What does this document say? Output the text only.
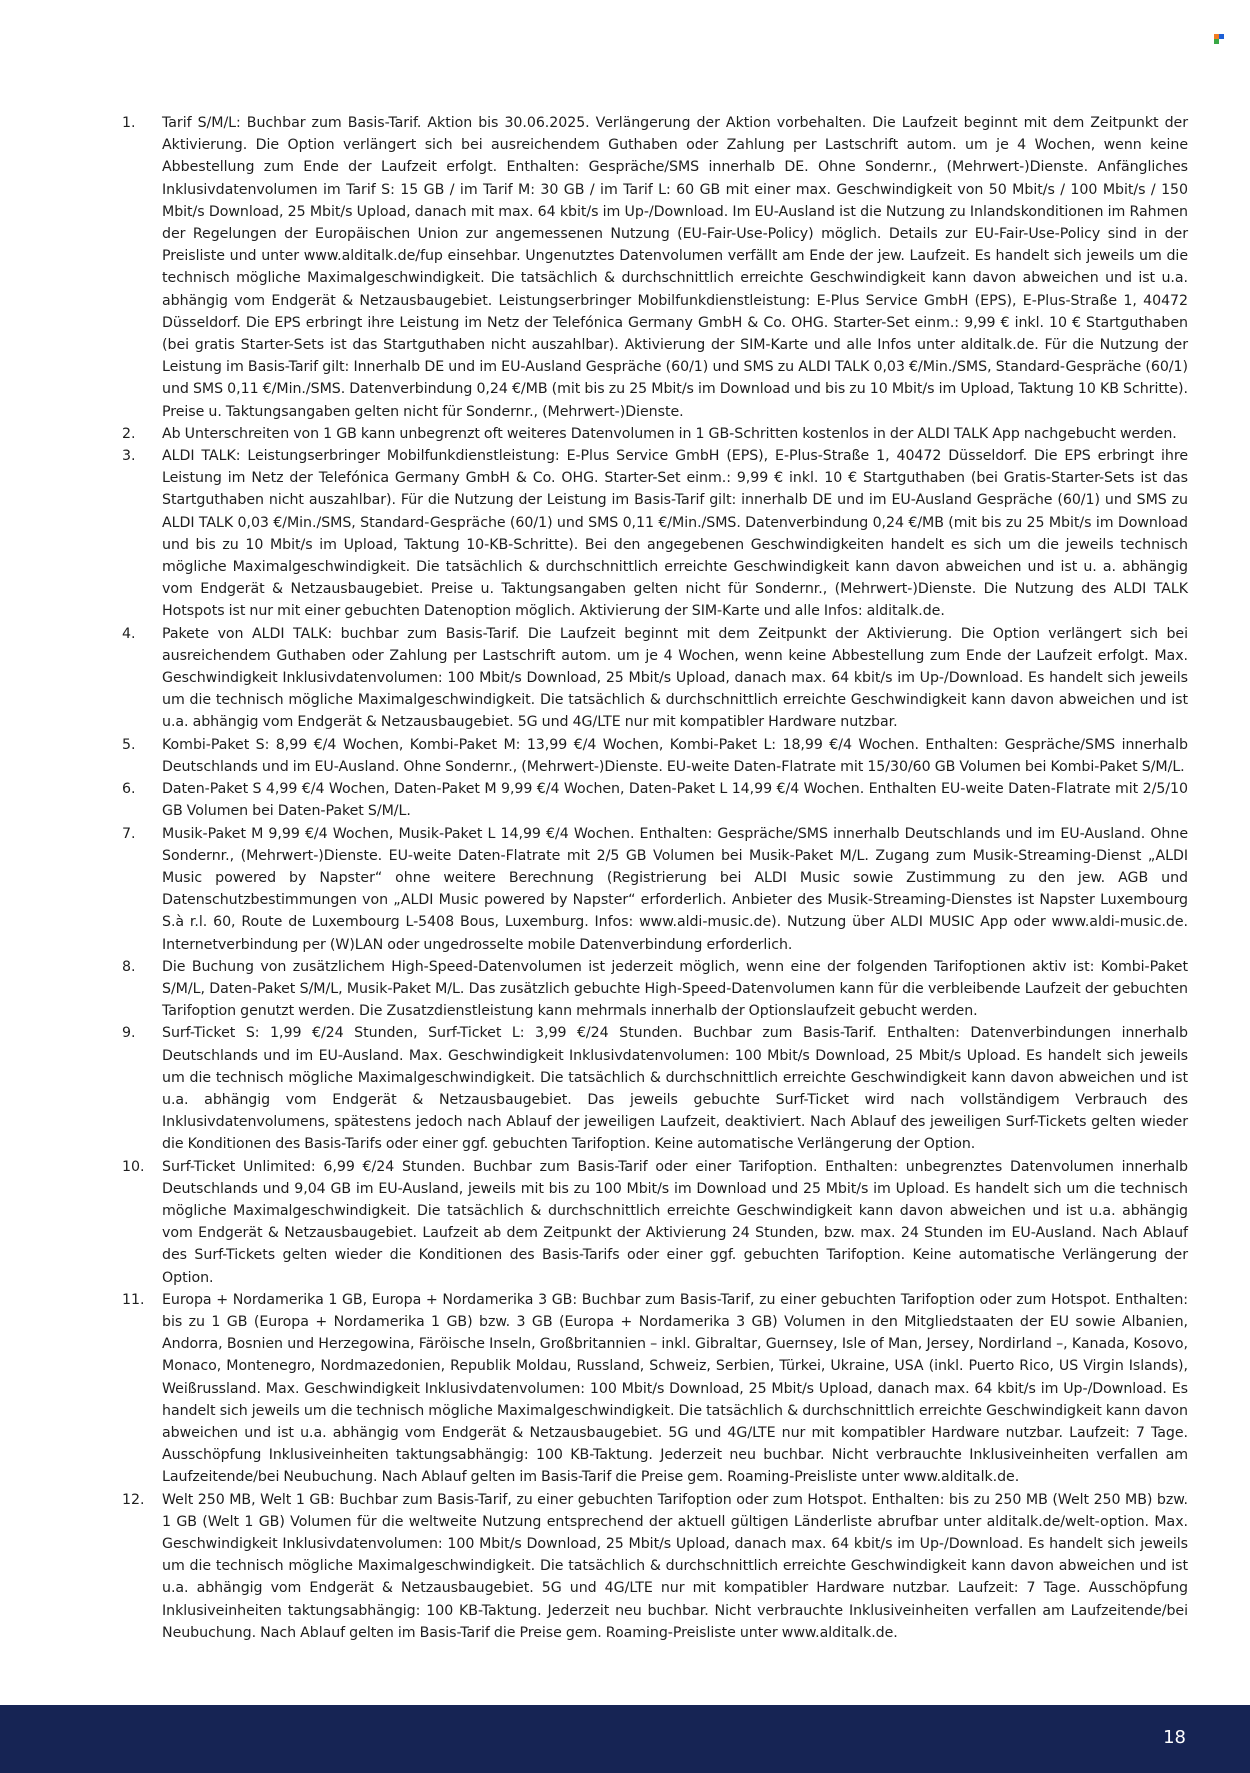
1.	Tarif S/M/L: Buchbar zum Basis-Tarif. Aktion bis 30.06.2025. Verlängerung der Aktion vorbehalten. Die Laufzeit beginnt mit dem Zeitpunkt der Aktivierung. Die Option verlängert sich bei ausreichendem Guthaben oder Zahlung per Lastschrift autom. um je 4 Wochen, wenn keine Abbestellung zum Ende der Laufzeit erfolgt. Enthalten: Gespräche/SMS innerhalb DE. Ohne Sondernr., (Mehrwert-)Dienste. Anfängliches Inklusivdatenvolumen im Tarif S: 15 GB / im Tarif M: 30 GB / im Tarif L: 60 GB mit einer max. Geschwindigkeit von 50 Mbit/s / 100 Mbit/s / 150 Mbit/s Download, 25 Mbit/s Upload, danach mit max. 64 kbit/s im Up-/Download. Im EU-Ausland ist die Nutzung zu Inlandskonditionen im Rahmen der Regelungen der Europäischen Union zur angemessenen Nutzung (EU-Fair-Use-Policy) möglich. Details zur EU-Fair-Use-Policy sind in der Preisliste und unter www.alditalk.de/fup einsehbar. Ungenutztes Datenvolumen verfällt am Ende der jew. Laufzeit. Es handelt sich jeweils um die technisch mögliche Maximalgeschwindigkeit. Die tatsächlich & durchschnittlich erreichte Geschwindigkeit kann davon abweichen und ist u.a. abhängig vom Endgerät & Netzausbaugebiet. Leistungserbringer Mobilfunkdienstleistung: E-Plus Service GmbH (EPS), E-Plus-Straße 1, 40472 Düsseldorf. Die EPS erbringt ihre Leistung im Netz der Telefónica Germany GmbH & Co. OHG. Starter-Set einm.: 9,99 € inkl. 10 € Startguthaben (bei gratis Starter-Sets ist das Startguthaben nicht auszahlbar). Aktivierung der SIM-Karte und alle Infos unter alditalk.de. Für die Nutzung der Leistung im Basis-Tarif gilt: Innerhalb DE und im EU-Ausland Gespräche (60/1) und SMS zu ALDI TALK 0,03 €/Min./SMS, Standard-Gespräche (60/1) und SMS 0,11 €/Min./SMS. Datenverbindung 0,24 €/MB (mit bis zu 25 Mbit/s im Download und bis zu 10 Mbit/s im Upload, Taktung 10 KB Schritte). Preise u. Taktungsangaben gelten nicht für Sondernr., (Mehrwert-)Dienste.
2.	Ab Unterschreiten von 1 GB kann unbegrenzt oft weiteres Datenvolumen in 1 GB-Schritten kostenlos in der ALDI TALK App nachgebucht werden.
3.	ALDI TALK: Leistungserbringer Mobilfunkdienstleistung: E-Plus Service GmbH (EPS), E-Plus-Straße 1, 40472 Düsseldorf. Die EPS erbringt ihre Leistung im Netz der Telefónica Germany GmbH & Co. OHG. Starter-Set einm.: 9,99 € inkl. 10 € Startguthaben (bei Gratis-Starter-Sets ist das Startguthaben nicht auszahlbar). Für die Nutzung der Leistung im Basis-Tarif gilt: innerhalb DE und im EU-Ausland Gespräche (60/1) und SMS zu ALDI TALK 0,03 €/Min./SMS, Standard-Gespräche (60/1) und SMS 0,11 €/Min./SMS. Datenverbindung 0,24 €/MB (mit bis zu 25 Mbit/s im Download und bis zu 10 Mbit/s im Upload, Taktung 10-KB-Schritte). Bei den angegebenen Geschwindigkeiten handelt es sich um die jeweils technisch mögliche Maximalgeschwindigkeit. Die tatsächlich & durchschnittlich erreichte Geschwindigkeit kann davon abweichen und ist u. a. abhängig vom Endgerät & Netzausbaugebiet. Preise u. Taktungsangaben gelten nicht für Sondernr., (Mehrwert-)Dienste. Die Nutzung des ALDI TALK Hotspots ist nur mit einer gebuchten Datenoption möglich. Aktivierung der SIM-Karte und alle Infos: alditalk.de.
4.	Pakete von ALDI TALK: buchbar zum Basis-Tarif. Die Laufzeit beginnt mit dem Zeitpunkt der Aktivierung. Die Option verlängert sich bei ausreichendem Guthaben oder Zahlung per Lastschrift autom. um je 4 Wochen, wenn keine Abbestellung zum Ende der Laufzeit erfolgt. Max. Geschwindigkeit Inklusivdatenvolumen: 100 Mbit/s Download, 25 Mbit/s Upload, danach max. 64 kbit/s im Up-/Download. Es handelt sich jeweils um die technisch mögliche Maximalgeschwindigkeit. Die tatsächlich & durchschnittlich erreichte Geschwindigkeit kann davon abweichen und ist u.a. abhängig vom Endgerät & Netzausbaugebiet. 5G und 4G/LTE nur mit kompatibler Hardware nutzbar.
5.	Kombi-Paket S: 8,99 €/4 Wochen, Kombi-Paket M: 13,99 €/4 Wochen, Kombi-Paket L: 18,99 €/4 Wochen. Enthalten: Gespräche/SMS innerhalb Deutschlands und im EU-Ausland. Ohne Sondernr., (Mehrwert-)Dienste. EU-weite Daten-Flatrate mit 15/30/60 GB Volumen bei Kombi-Paket S/M/L.
6.	Daten-Paket S 4,99 €/4 Wochen, Daten-Paket M 9,99 €/4 Wochen, Daten-Paket L 14,99 €/4 Wochen. Enthalten EU-weite Daten-Flatrate mit 2/5/10 GB Volumen bei Daten-Paket S/M/L.
7.	Musik-Paket M 9,99 €/4 Wochen, Musik-Paket L 14,99 €/4 Wochen. Enthalten: Gespräche/SMS innerhalb Deutschlands und im EU-Ausland. Ohne Sondernr., (Mehrwert-)Dienste. EU-weite Daten-Flatrate mit 2/5 GB Volumen bei Musik-Paket M/L. Zugang zum Musik-Streaming-Dienst „ALDI Music powered by Napster“ ohne weitere Berechnung (Registrierung bei ALDI Music sowie Zustimmung zu den jew. AGB und Datenschutzbestimmungen von „ALDI Music powered by Napster“ erforderlich. Anbieter des Musik-Streaming-Dienstes ist Napster Luxembourg S.à r.l. 60, Route de Luxembourg L-5408 Bous, Luxemburg. Infos: www.aldi-music.de). Nutzung über ALDI MUSIC App oder www.aldi-music.de. Internetverbindung per (W)LAN oder ungedrosselte mobile Datenverbindung erforderlich.
8.	Die Buchung von zusätzlichem High-Speed-Datenvolumen ist jederzeit möglich, wenn eine der folgenden Tarifoptionen aktiv ist: Kombi-Paket S/M/L, Daten-Paket S/M/L, Musik-Paket M/L. Das zusätzlich gebuchte High-Speed-Datenvolumen kann für die verbleibende Laufzeit der gebuchten Tarifoption genutzt werden. Die Zusatzdienstleistung kann mehrmals innerhalb der Optionslaufzeit gebucht werden.
9.	Surf-Ticket S: 1,99 €/24 Stunden, Surf-Ticket L: 3,99 €/24 Stunden. Buchbar zum Basis-Tarif. Enthalten: Datenverbindungen innerhalb Deutschlands und im EU-Ausland. Max. Geschwindigkeit Inklusivdatenvolumen: 100 Mbit/s Download, 25 Mbit/s Upload. Es handelt sich jeweils um die technisch mögliche Maximalgeschwindigkeit. Die tatsächlich & durchschnittlich erreichte Geschwindigkeit kann davon abweichen und ist u.a. abhängig vom Endgerät & Netzausbaugebiet. Das jeweils gebuchte Surf-Ticket wird nach vollständigem Verbrauch des Inklusivdatenvolumens, spätestens jedoch nach Ablauf der jeweiligen Laufzeit, deaktiviert. Nach Ablauf des jeweiligen Surf-Tickets gelten wieder die Konditionen des Basis-Tarifs oder einer ggf. gebuchten Tarifoption. Keine automatische Verlängerung der Option.
10.	Surf-Ticket Unlimited: 6,99 €/24 Stunden. Buchbar zum Basis-Tarif oder einer Tarifoption. Enthalten: unbegrenztes Datenvolumen innerhalb Deutschlands und 9,04 GB im EU-Ausland, jeweils mit bis zu 100 Mbit/s im Download und 25 Mbit/s im Upload. Es handelt sich um die technisch mögliche Maximalgeschwindigkeit. Die tatsächlich & durchschnittlich erreichte Geschwindigkeit kann davon abweichen und ist u.a. abhängig vom Endgerät & Netzausbaugebiet. Laufzeit ab dem Zeitpunkt der Aktivierung 24 Stunden, bzw. max. 24 Stunden im EU-Ausland. Nach Ablauf des Surf-Tickets gelten wieder die Konditionen des Basis-Tarifs oder einer ggf. gebuchten Tarifoption. Keine automatische Verlängerung der Option.
11.	Europa + Nordamerika 1 GB, Europa + Nordamerika 3 GB: Buchbar zum Basis-Tarif, zu einer gebuchten Tarifoption oder zum Hotspot. Enthalten: bis zu 1 GB (Europa + Nordamerika 1 GB) bzw. 3 GB (Europa + Nordamerika 3 GB) Volumen in den Mitgliedstaaten der EU sowie Albanien, Andorra, Bosnien und Herzegowina, Färöische Inseln, Großbritannien – inkl. Gibraltar, Guernsey, Isle of Man, Jersey, Nordirland –, Kanada, Kosovo, Monaco, Montenegro, Nordmazedonien, Republik Moldau, Russland, Schweiz, Serbien, Türkei, Ukraine, USA (inkl. Puerto Rico, US Virgin Islands), Weißrussland. Max. Geschwindigkeit Inklusivdatenvolumen: 100 Mbit/s Download, 25 Mbit/s Upload, danach max. 64 kbit/s im Up-/Download. Es handelt sich jeweils um die technisch mögliche Maximalgeschwindigkeit. Die tatsächlich & durchschnittlich erreichte Geschwindigkeit kann davon abweichen und ist u.a. abhängig vom Endgerät & Netzausbaugebiet. 5G und 4G/LTE nur mit kompatibler Hardware nutzbar. Laufzeit: 7 Tage. Ausschöpfung Inklusiveinheiten taktungsabhängig: 100 KB-Taktung. Jederzeit neu buchbar. Nicht verbrauchte Inklusiveinheiten verfallen am Laufzeitende/bei Neubuchung. Nach Ablauf gelten im Basis-Tarif die Preise gem. Roaming-Preisliste unter www.alditalk.de.
12.	Welt 250 MB, Welt 1 GB: Buchbar zum Basis-Tarif, zu einer gebuchten Tarifoption oder zum Hotspot. Enthalten: bis zu 250 MB (Welt 250 MB) bzw. 1 GB (Welt 1 GB) Volumen für die weltweite Nutzung entsprechend der aktuell gültigen Länderliste abrufbar unter alditalk.de/welt-option. Max. Geschwindigkeit Inklusivdatenvolumen: 100 Mbit/s Download, 25 Mbit/s Upload, danach max. 64 kbit/s im Up-/Download. Es handelt sich jeweils um die technisch mögliche Maximalgeschwindigkeit. Die tatsächlich & durchschnittlich erreichte Geschwindigkeit kann davon abweichen und ist u.a. abhängig vom Endgerät & Netzausbaugebiet. 5G und 4G/LTE nur mit kompatibler Hardware nutzbar. Laufzeit: 7 Tage. Ausschöpfung Inklusiveinheiten taktungsabhängig: 100 KB-Taktung. Jederzeit neu buchbar. Nicht verbrauchte Inklusiveinheiten verfallen am Laufzeitende/bei Neubuchung. Nach Ablauf gelten im Basis-Tarif die Preise gem. Roaming-Preisliste unter www.alditalk.de.
18
